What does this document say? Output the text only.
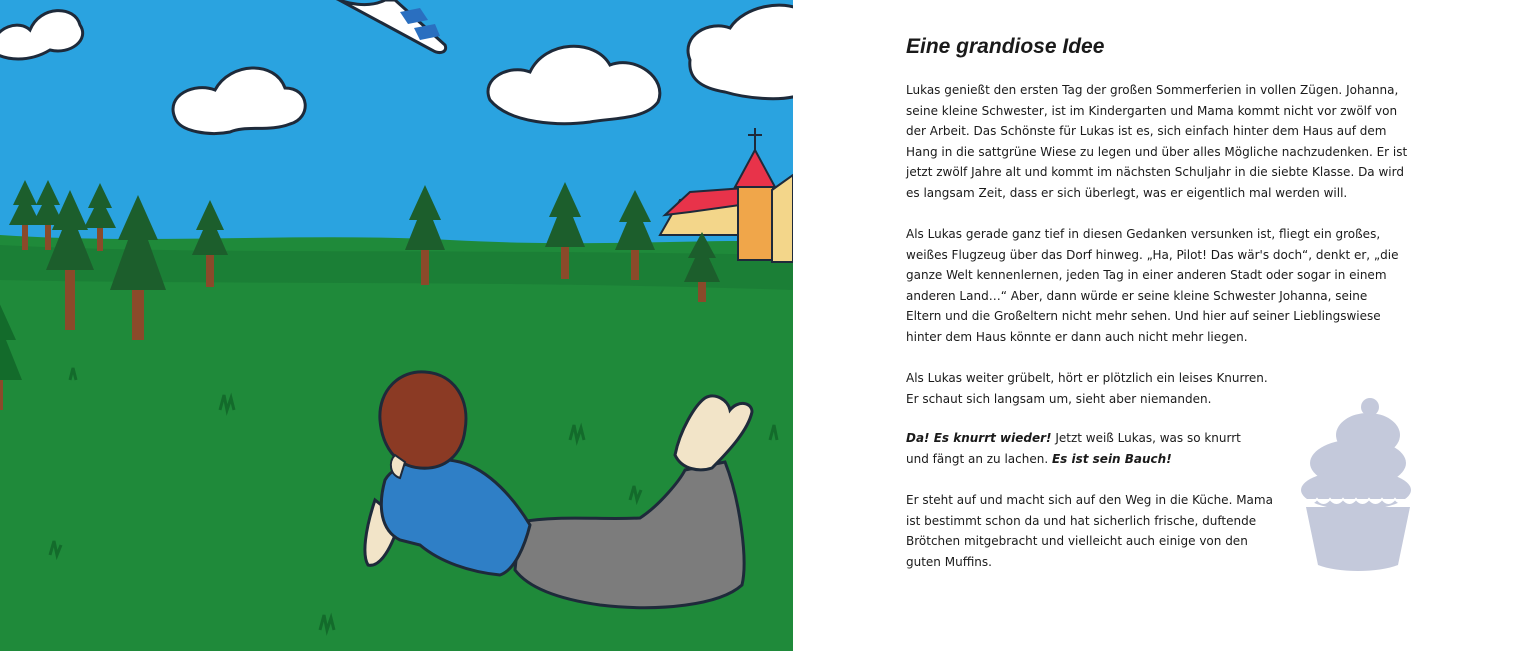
Eine grandiose Idee

Lukas genießt den ersten Tag der großen Sommerferien in vollen Zügen. Johanna,
seine kleine Schwester, ist im Kindergarten und Mama kommt nicht vor zwölf von
der Arbeit. Das Schönste für Lukas ist es, sich einfach hinter dem Haus auf dem
Hang in die sattgrüne Wiese zu legen und über alles Mögliche nachzudenken. Er ist
jetzt zwölf Jahre alt und kommt im nächsten Schuljahr in die siebte Klasse. Da wird
es langsam Zeit, dass er sich überlegt, was er eigentlich mal werden will.

Als Lukas gerade ganz tief in diesen Gedanken versunken ist, fliegt ein großes,
weißes Flugzeug über das Dorf hinweg. „Ha, Pilot! Das wär's doch“, denkt er, „die
ganze Welt kennenlernen, jeden Tag in einer anderen Stadt oder sogar in einem
anderen Land…“ Aber, dann würde er seine kleine Schwester Johanna, seine
Eltern und die Großeltern nicht mehr sehen. Und hier auf seiner Lieblingswiese
hinter dem Haus könnte er dann auch nicht mehr liegen.

Als Lukas weiter grübelt, hört er plötzlich ein leises Knurren.
Er schaut sich langsam um, sieht aber niemanden.

Da! Es knurrt wieder! Jetzt weiß Lukas, was so knurrt
und fängt an zu lachen. Es ist sein Bauch!

Er steht auf und macht sich auf den Weg in die Küche. Mama
ist bestimmt schon da und hat sicherlich frische, duftende
Brötchen mitgebracht und vielleicht auch einige von den
guten Muffins.
